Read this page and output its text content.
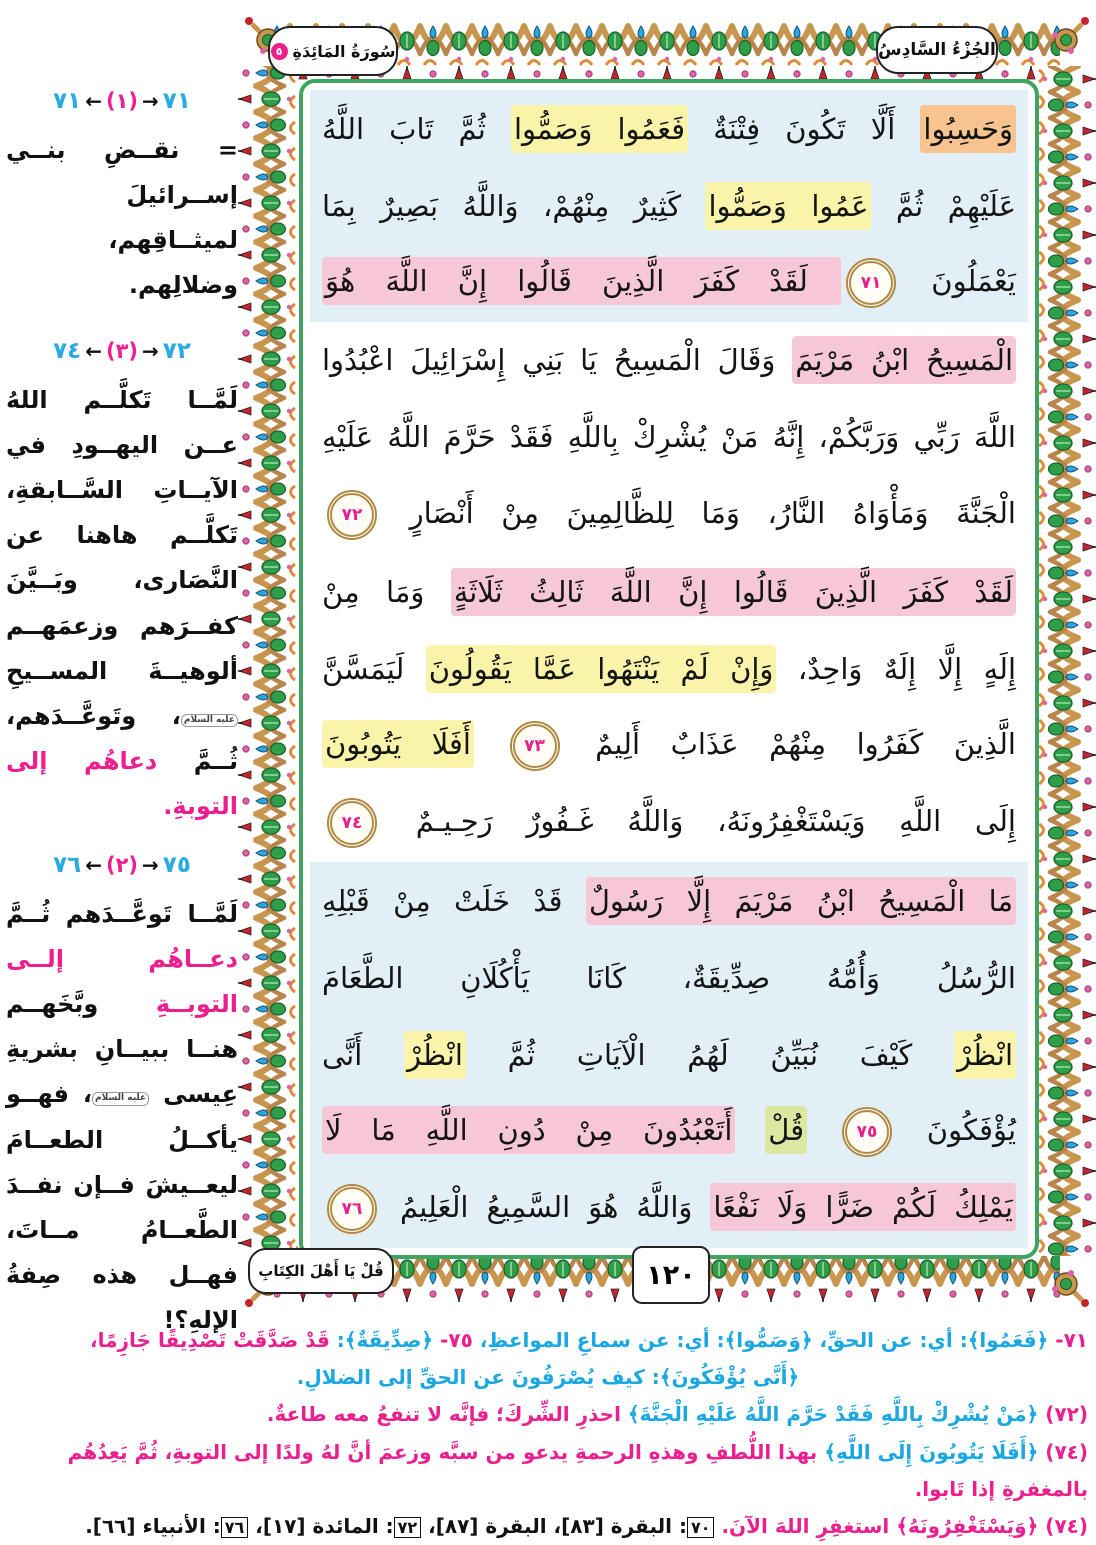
الجُزْءُ السَّادِسُ
سُورَةُ المَائِدَةِ
٥
وَحَسِبُوا أَلَّا تَكُونَ فِتْنَةٌ فَعَمُوا وَصَمُّوا ثُمَّ تَابَ اللَّهُ
عَلَيْهِمْ ثُمَّ عَمُوا وَصَمُّوا كَثِيرٌ مِنْهُمْ، وَاللَّهُ بَصِيرٌ بِمَا
يَعْمَلُونَ ٧١ لَقَدْ كَفَرَ الَّذِينَ قَالُوا إِنَّ اللَّهَ هُوَ
الْمَسِيحُ ابْنُ مَرْيَمَ وَقَالَ الْمَسِيحُ يَا بَنِي إِسْرَائِيلَ اعْبُدُوا
اللَّهَ رَبِّي وَرَبَّكُمْ، إِنَّهُ مَنْ يُشْرِكْ بِاللَّهِ فَقَدْ حَرَّمَ اللَّهُ عَلَيْهِ
الْجَنَّةَ وَمَأْوَاهُ النَّارُ، وَمَا لِلظَّالِمِينَ مِنْ أَنْصَارٍ ٧٢
لَقَدْ كَفَرَ الَّذِينَ قَالُوا إِنَّ اللَّهَ ثَالِثُ ثَلَاثَةٍ وَمَا مِنْ
إِلَهٍ إِلَّا إِلَهٌ وَاحِدٌ، وَإِنْ لَمْ يَنْتَهُوا عَمَّا يَقُولُونَ لَيَمَسَّنَّ
الَّذِينَ كَفَرُوا مِنْهُمْ عَذَابٌ أَلِيمٌ ٧٣ أَفَلَا يَتُوبُونَ
إِلَى اللَّهِ وَيَسْتَغْفِرُونَهُ، وَاللَّهُ غَـفُورٌ رَحِـيـمٌ ٧٤
مَا الْمَسِيحُ ابْنُ مَرْيَمَ إِلَّا رَسُولٌ قَدْ خَلَتْ مِنْ قَبْلِهِ
الرُّسُلُ وَأُمُّهُ صِدِّيقَةٌ، كَانَا يَأْكُلَانِ الطَّعَامَ
انْظُرْ كَيْفَ نُبَيِّنُ لَهُمُ الْآيَاتِ ثُمَّ انْظُرْ أَنَّى
يُؤْفَكُونَ ٧٥ قُلْ أَتَعْبُدُونَ مِنْ دُونِ اللَّهِ مَا لَا
يَمْلِكُ لَكُمْ ضَرًّا وَلَا نَفْعًا وَاللَّهُ هُوَ السَّمِيعُ الْعَلِيمُ ٧٦
قُلْ يَا أَهْلَ الكِتَابِ	١٢٠
٧١ ← (١) → ٧١
= نقــضِ بنــي إســرائيلَ لميثــاقِهم، وضلالِهم.
٧٤ ← (٣) → ٧٢
لَمَّــا تَكلَّــم اللهُ عــن اليهــودِ في الآيــاتِ السَّــابقةِ، تَكلَّــم هاهنا عن النَّصَارى، وبَــيَّنَ كفــرَهم وزعمَهــم ألوهيــةَ المســيحِ عليه السلام، وتَوعَّــدَهم، ثُــمَّ دعاهُم إلى التوبةِ.
٧٦ ← (٢) → ٧٥
لَمَّــا تَوعَّــدَهم ثُــمَّ دعــاهُم إلــى التوبــةِ وبَّخَهــم هنــا ببيــانِ بشريةِ عِيسى عليه السلام، فهــو يأكــلُ الطعــامَ ليعــيشَ فــإن نفــدَ الطَّعــامُ مــاتَ، فهــل هذه صِفةُ الإلهِ؟!
٧١- ﴿فَعَمُوا﴾: أي: عن الحقِّ، ﴿وَصَمُّوا﴾: أي: عن سماعِ المواعظِ، ٧٥- ﴿صِدِّيقَةٌ﴾: قَدْ صَدَّقَتْ تَصْدِيقًا جَازِمًا،
﴿أَنَّى يُؤْفَكُونَ﴾: كيف يُصْرَفُونَ عن الحقِّ إلى الضلالِ.
(٧٢) ﴿مَنْ يُشْرِكْ بِاللَّهِ فَقَدْ حَرَّمَ اللَّهُ عَلَيْهِ الْجَنَّةَ﴾ احذرِ الشِّركَ؛ فإنَّه لا تنفعُ معه طاعةٌ.
(٧٤) ﴿أَفَلَا يَتُوبُونَ إِلَى اللَّهِ﴾ بهذا اللُّطفِ وهذهِ الرحمةِ يدعو من سبَّه وزعمَ أنَّ لهُ ولدًا إلى التوبةِ، ثُمَّ يَعِدُهُم بالمغفرةِ إذا تَابوا.
(٧٤) ﴿وَيَسْتَغْفِرُونَهُ﴾ استغفِرِ اللهَ الآنَ. ٧٠: البقرة [٨٣]، البقرة [٨٧]، ٧٢: المائدة [١٧]، ٧٦: الأنبياء [٦٦].
